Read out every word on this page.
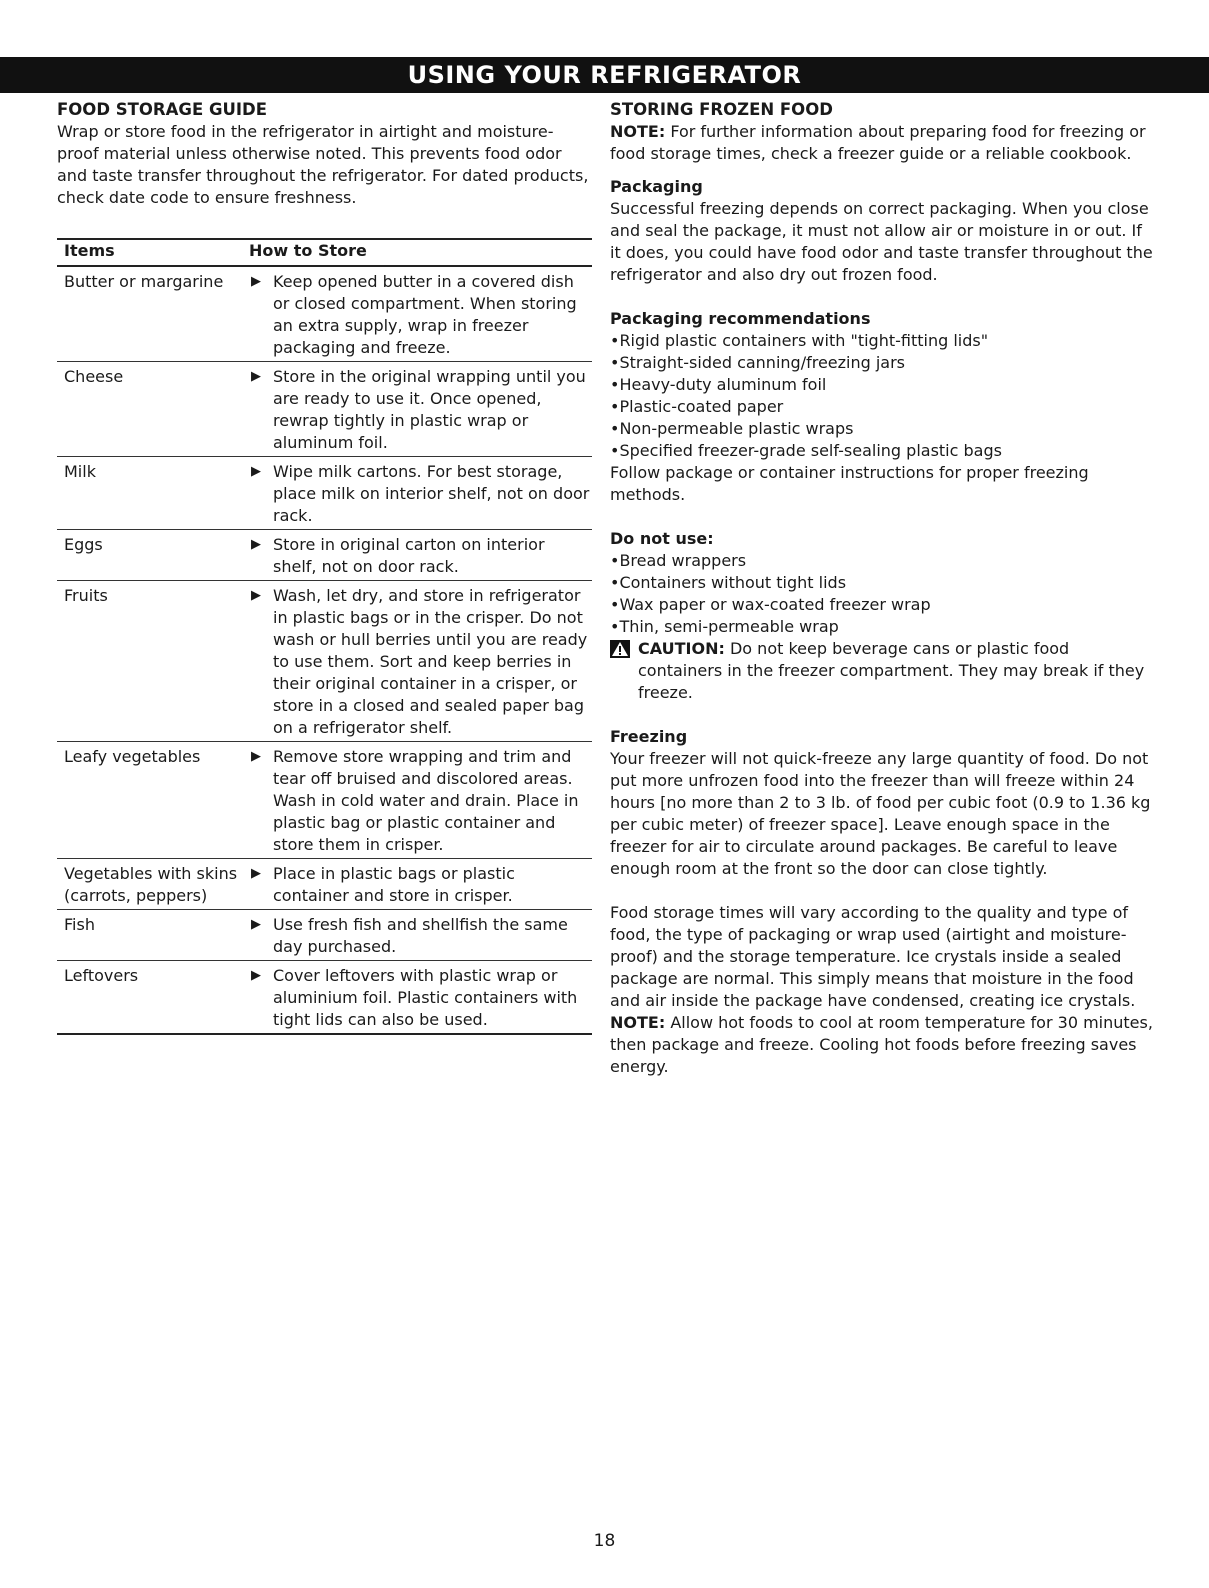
USING YOUR REFRIGERATOR
FOOD STORAGE GUIDE

Wrap or store food in the refrigerator in airtight and moisture-proof material unless otherwise noted. This prevents food odor and taste transfer throughout the refrigerator. For dated products, check date code to ensure freshness.

Items	How to Store
Butter or margarine	▶ Keep opened butter in a covered dish or closed compartment. When storing an extra supply, wrap in freezer packaging and freeze.

Cheese	▶ Store in the original wrapping until you are ready to use it. Once opened, rewrap tightly in plastic wrap or aluminum foil.

Milk	▶ Wipe milk cartons. For best storage, place milk on interior shelf, not on door rack.

Eggs	▶ Store in original carton on interior shelf, not on door rack.

Fruits	▶ Wash, let dry, and store in refrigerator in plastic bags or in the crisper. Do not wash or hull berries until you are ready to use them. Sort and keep berries in their original container in a crisper, or store in a closed and sealed paper bag on a refrigerator shelf.

Leafy vegetables	▶ Remove store wrapping and trim and tear off bruised and discolored areas. Wash in cold water and drain. Place in plastic bag or plastic container and store them in crisper.

Vegetables with skins (carrots, peppers)	▶ Place in plastic bags or plastic container and store in crisper.

Fish	▶ Use fresh fish and shellfish the same day purchased.

Leftovers	▶ Cover leftovers with plastic wrap or aluminium foil. Plastic containers with tight lids can also be used.
STORING FROZEN FOOD

NOTE: For further information about preparing food for freezing or food storage times, check a freezer guide or a reliable cookbook.

Packaging

Successful freezing depends on correct packaging. When you close and seal the package, it must not allow air or moisture in or out. If it does, you could have food odor and taste transfer throughout the refrigerator and also dry out frozen food.

Packaging recommendations
• Rigid plastic containers with "tight-fitting lids"
• Straight-sided canning/freezing jars
• Heavy-duty aluminum foil
• Plastic-coated paper
• Non-permeable plastic wraps
• Specified freezer-grade self-sealing plastic bags

Follow package or container instructions for proper freezing methods.

Do not use:
• Bread wrappers
• Containers without tight lids
• Wax paper or wax-coated freezer wrap
• Thin, semi-permeable wrap
CAUTION: Do not keep beverage cans or plastic food containers in the freezer compartment. They may break if they freeze.
Freezing

Your freezer will not quick-freeze any large quantity of food. Do not put more unfrozen food into the freezer than will freeze within 24 hours [no more than 2 to 3 lb. of food per cubic foot (0.9 to 1.36 kg per cubic meter) of freezer space]. Leave enough space in the freezer for air to circulate around packages. Be careful to leave enough room at the front so the door can close tightly.

Food storage times will vary according to the quality and type of food, the type of packaging or wrap used (airtight and moisture-proof) and the storage temperature. Ice crystals inside a sealed package are normal. This simply means that moisture in the food and air inside the package have condensed, creating ice crystals.

NOTE: Allow hot foods to cool at room temperature for 30 minutes, then package and freeze. Cooling hot foods before freezing saves energy.

18
